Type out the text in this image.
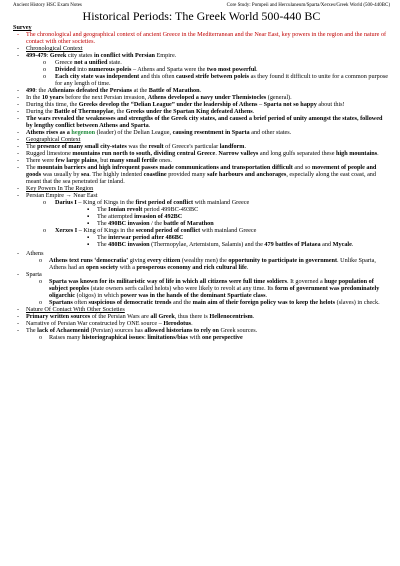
Ancient History HSC Exam Notes	Core Study: Pompeii and Herculaneum/Sparta/Xerxes/Greek World (500-440BC)
Historical Periods: The Greek World 500-440 BC
Survey
- The chronological and geographical context of ancient Greece in the Mediterranean and the Near East, key powers in the region and the nature of contact with other societies.
- Chronological Context
- 499-479: Greek city states in conflict with Persian Empire.
o Greece not a unified state.
o Divided into numerous poleis – Athens and Sparta were the two most powerful.
o Each city state was independent and this often caused strife between poleis as they found it difficult to unite for a common purpose for any length of time.
- 490: the Athenians defeated the Persians at the Battle of Marathon.
- In the 10 years before the next Persian invasion, Athens developed a navy under Themistocles (general).
- During this time, the Greeks develop the “Delian League” under the leadership of Athens – Sparta not so happy about this!
- During the Battle of Thermopylae, the Greeks under the Spartan King defeated Athens.
- The wars revealed the weaknesses and strengths of the Greek city states, and caused a brief period of unity amongst the states, followed by lengthy conflict between Athens and Sparta.
- Athens rises as a hegemon (leader) of the Delian League, causing resentment in Sparta and other states.
- Geographical Context
- The presence of many small city-states was the result of Greece's particular landform.
- Rugged limestone mountains run north to south, dividing central Greece. Narrow valleys and long gulfs separated these high mountains.
- There were few large plains, but many small fertile ones.
- The mountain barriers and high infrequent passes made communications and transportation difficult and so movement of people and goods was usually by sea. The highly indented coastline provided many safe harbours and anchorages, especially along the east coast, and meant that the sea penetrated far inland.
- Key Powers In The Region
- Persian Empire → Near East
o Darius I – King of Kings in the first period of conflict with mainland Greece
▪ The Ionian revolt period 499BC-493BC
▪ The attempted invasion of 492BC
▪ The 490BC invasion / the battle of Marathon
o Xerxes I – King of Kings in the second period of conflict with mainland Greece
▪ The interwar period after 486BC
▪ The 480BC invasion (Thermopylae, Artemisium, Salamis) and the 479 battles of Plataea and Mycale.
- Athens
o Athens text runs ‘democratia’ giving every citizen (wealthy men) the opportunity to participate in government. Unlike Sparta, Athens had an open society with a prosperous economy and rich cultural life.
- Sparta
o Sparta was known for its militaristic way of life in which all citizens were full time soldiers. It governed a huge population of subject peoples (state owners serfs called helots) who were likely to revolt at any time. Its form of government was predominately oligarchic (oligos) in which power was in the hands of the dominant Spartiate class.
o Spartans often suspicious of democratic trends and the main aim of their foreign policy was to keep the helots (slaves) in check.
- Nature Of Contact With Other Societies
- Primary written sources of the Persian Wars are all Greek, thus there is Hellenocentrism.
- Narrative of Persian War constructed by ONE source – Herodotus.
- The lack of Achaemenid (Persian) sources has allowed historians to rely on Greek sources.
o Raises many historiographical issues: limitations/bias with one perspective
